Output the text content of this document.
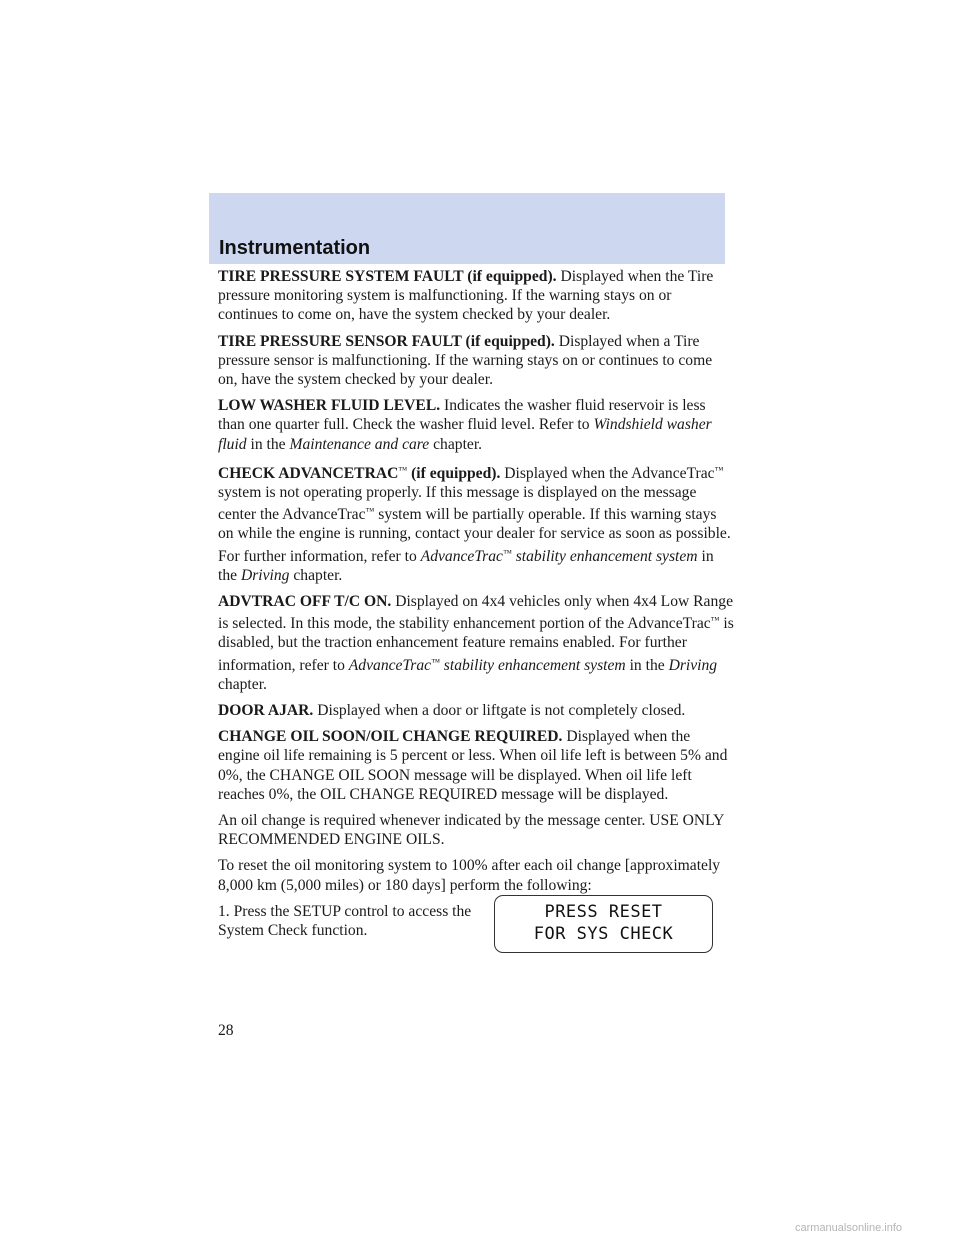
Instrumentation

TIRE PRESSURE SYSTEM FAULT (if equipped). Displayed when the Tire pressure monitoring system is malfunctioning. If the warning stays on or continues to come on, have the system checked by your dealer.

TIRE PRESSURE SENSOR FAULT (if equipped). Displayed when a Tire pressure sensor is malfunctioning. If the warning stays on or continues to come on, have the system checked by your dealer.

LOW WASHER FLUID LEVEL. Indicates the washer fluid reservoir is less than one quarter full. Check the washer fluid level. Refer to Windshield washer fluid in the Maintenance and care chapter.

CHECK ADVANCETRAC™ (if equipped). Displayed when the AdvanceTrac™ system is not operating properly. If this message is displayed on the message center the AdvanceTrac™ system will be partially operable. If this warning stays on while the engine is running, contact your dealer for service as soon as possible. For further information, refer to AdvanceTrac™ stability enhancement system in the Driving chapter.

ADVTRAC OFF T/C ON. Displayed on 4x4 vehicles only when 4x4 Low Range is selected. In this mode, the stability enhancement portion of the AdvanceTrac™ is disabled, but the traction enhancement feature remains enabled. For further information, refer to AdvanceTrac™ stability enhancement system in the Driving chapter.

DOOR AJAR. Displayed when a door or liftgate is not completely closed.

CHANGE OIL SOON/OIL CHANGE REQUIRED. Displayed when the engine oil life remaining is 5 percent or less. When oil life left is between 5% and 0%, the CHANGE OIL SOON message will be displayed. When oil life left reaches 0%, the OIL CHANGE REQUIRED message will be displayed.

An oil change is required whenever indicated by the message center. USE ONLY RECOMMENDED ENGINE OILS.

To reset the oil monitoring system to 100% after each oil change [approximately 8,000 km (5,000 miles) or 180 days] perform the following:

1. Press the SETUP control to access the System Check function.

PRESS RESET
FOR SYS CHECK
28
carmanualsonline.info
